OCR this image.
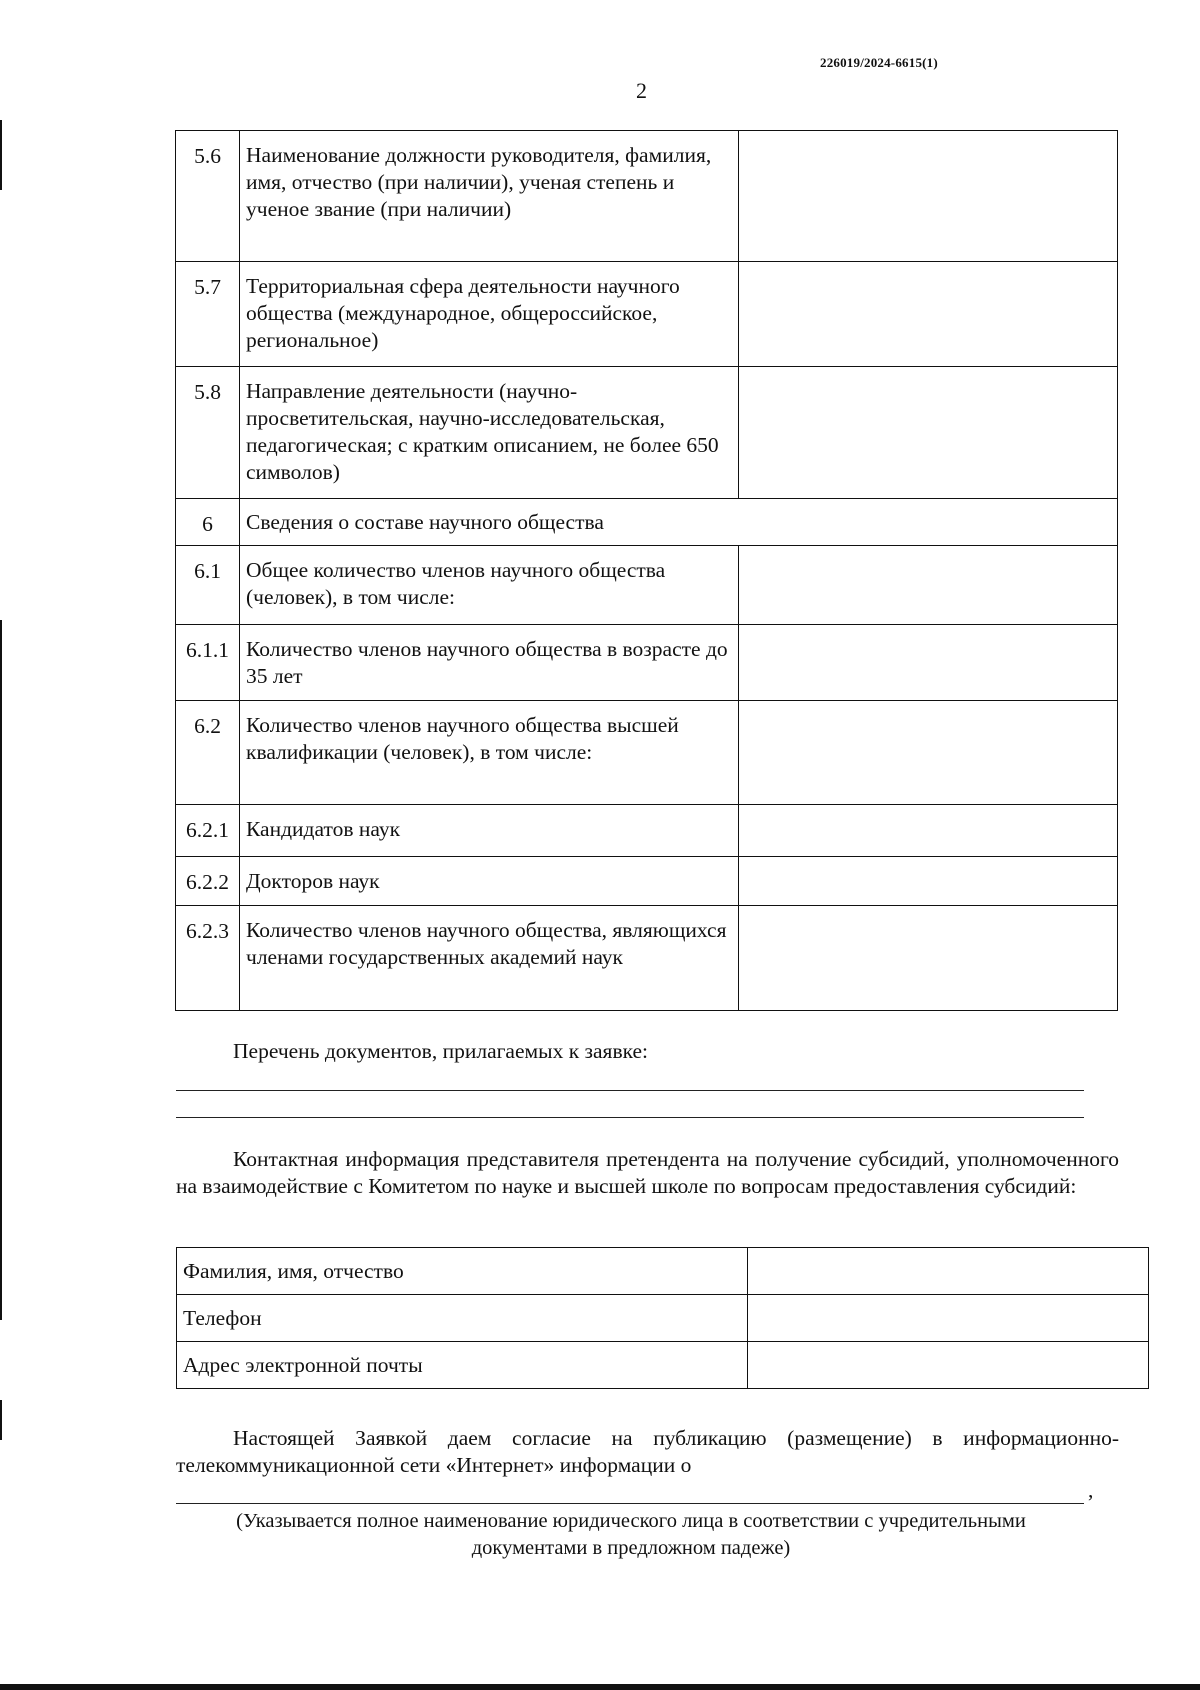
226019/2024-6615(1)
2
5.6	Наименование должности руководителя, фамилия, имя, отчество (при наличии), ученая степень и ученое звание (при наличии)	
5.7	Территориальная сфера деятельности научного общества (международное, общероссийское, региональное)	
5.8	Направление деятельности (научно-просветительская, научно-исследовательская, педагогическая; с кратким описанием, не более 650 символов)	
6	Сведения о составе научного общества	
6.1	Общее количество членов научного общества (человек), в том числе:	
6.1.1	Количество членов научного общества в возрасте до 35 лет	
6.2	Количество членов научного общества высшей квалификации (человек), в том числе:	
6.2.1	Кандидатов наук	
6.2.2	Докторов наук	
6.2.3	Количество членов научного общества, являющихся членами государственных академий наук	
Перечень документов, прилагаемых к заявке:
Контактная информация представителя претендента на получение субсидий, уполномоченного на взаимодействие с Комитетом по науке и высшей школе по вопросам предоставления субсидий:
Фамилия, имя, отчество	
Телефон	
Адрес электронной почты	
Настоящей Заявкой даем согласие на публикацию (размещение) в информационно-телекоммуникационной сети «Интернет» информации о
,
(Указывается полное наименование юридического лица в соответствии с учредительными документами в предложном падеже)
